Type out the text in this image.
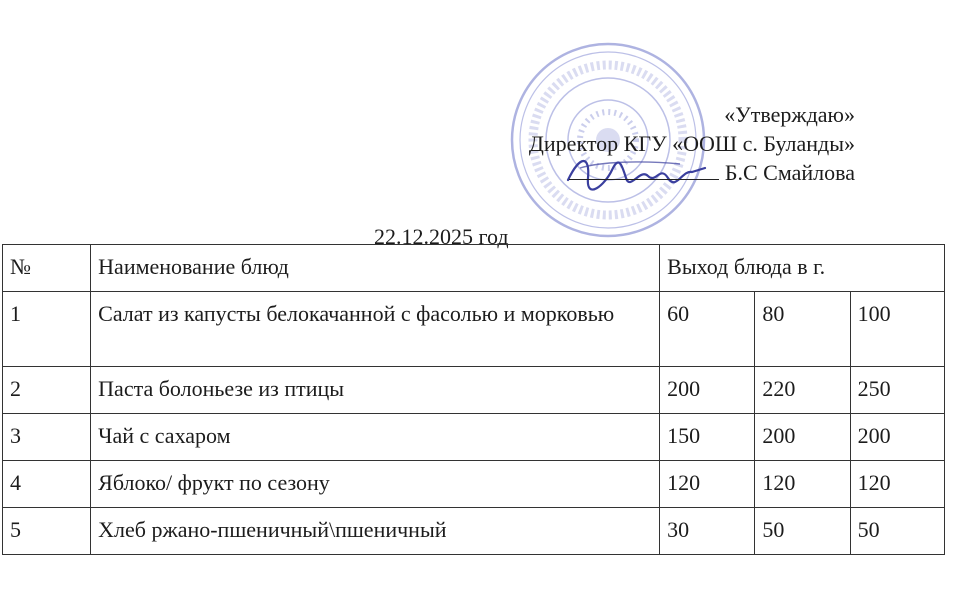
«Утверждаю»
Директор КГУ «ООШ с. Буланды»
Б.С Смайлова
22.12.2025 год
№	Наименование блюд	Выход блюда в г.		
1	Салат из капусты белокачанной с фасолью и морковью	60	80	100
2	Паста болоньезе из птицы	200	220	250
3	Чай с сахаром	150	200	200
4	Яблоко/ фрукт по сезону	120	120	120
5	Хлеб ржано-пшеничный\пшеничный	30	50	50
